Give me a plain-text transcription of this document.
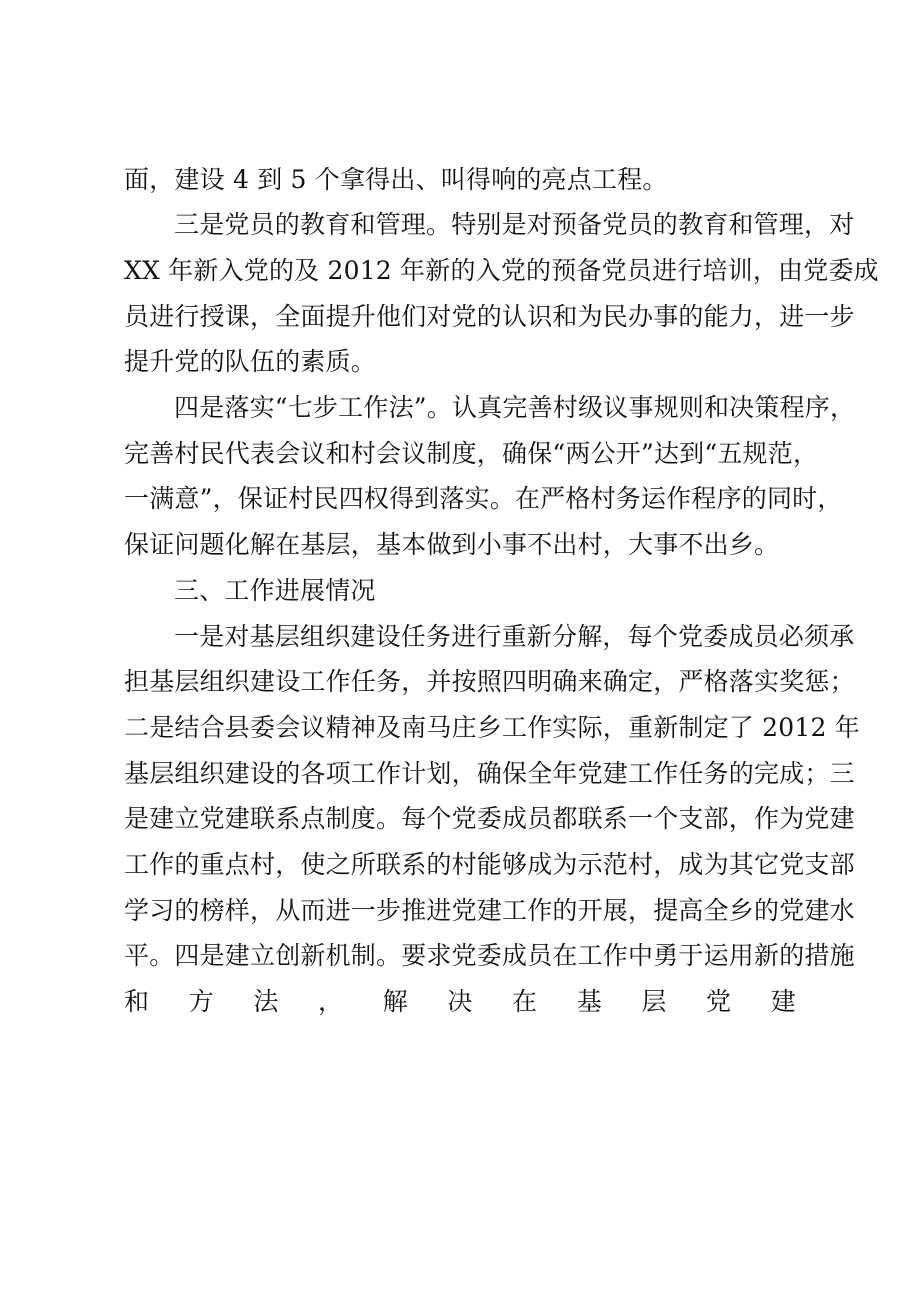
面，建设 4 到 5 个拿得出、叫得响的亮点工程。
三是党员的教育和管理。特别是对预备党员的教育和管理，对
XX 年新入党的及 2012 年新的入党的预备党员进行培训，由党委成
员进行授课，全面提升他们对党的认识和为民办事的能力，进一步
提升党的队伍的素质。
四是落实“七步工作法”。认真完善村级议事规则和决策程序，
完善村民代表会议和村会议制度，确保“两公开”达到“五规范，
一满意”，保证村民四权得到落实。在严格村务运作程序的同时，
保证问题化解在基层，基本做到小事不出村，大事不出乡。
三、工作进展情况
一是对基层组织建设任务进行重新分解，每个党委成员必须承
担基层组织建设工作任务，并按照四明确来确定，严格落实奖惩；
二是结合县委会议精神及南马庄乡工作实际，重新制定了 2012 年
基层组织建设的各项工作计划，确保全年党建工作任务的完成；三
是建立党建联系点制度。每个党委成员都联系一个支部，作为党建
工作的重点村，使之所联系的村能够成为示范村，成为其它党支部
学习的榜样，从而进一步推进党建工作的开展，提高全乡的党建水
平。四是建立创新机制。要求党委成员在工作中勇于运用新的措施
和 方 法 ， 解 决 在 基 层 党 建
